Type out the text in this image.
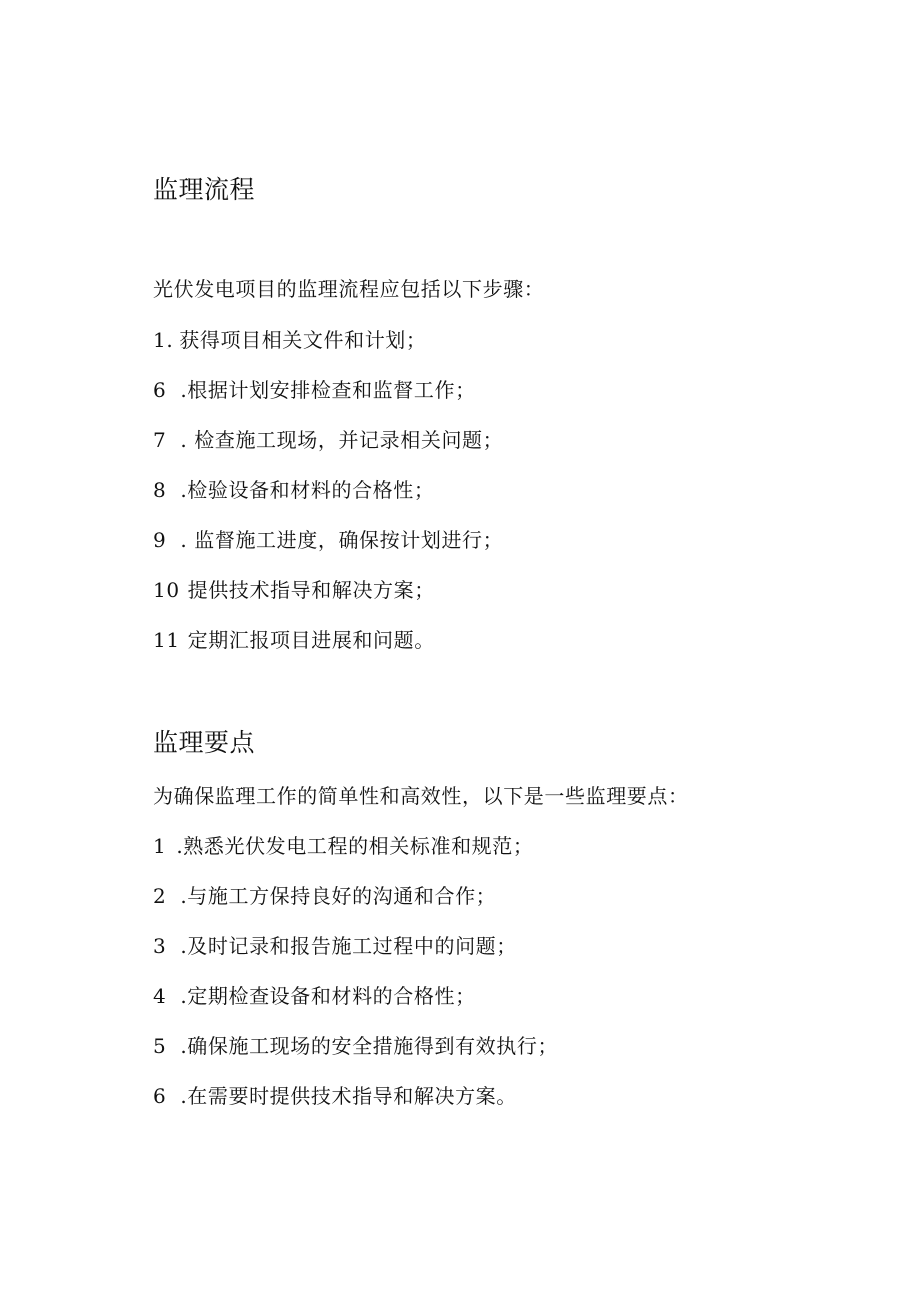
监理流程

光伏发电项目的监理流程应包括以下步骤：

1. 获得项目相关文件和计划；

6 .根据计划安排检查和监督工作；

7 . 检查施工现场，并记录相关问题；

8 .检验设备和材料的合格性；

9 . 监督施工进度，确保按计划进行；

10 提供技术指导和解决方案；

11 定期汇报项目进展和问题。

监理要点

为确保监理工作的简单性和高效性，以下是一些监理要点：

1 .熟悉光伏发电工程的相关标准和规范；

2 .与施工方保持良好的沟通和合作；

3 .及时记录和报告施工过程中的问题；

4 .定期检查设备和材料的合格性；

5 .确保施工现场的安全措施得到有效执行；

6 .在需要时提供技术指导和解决方案。
